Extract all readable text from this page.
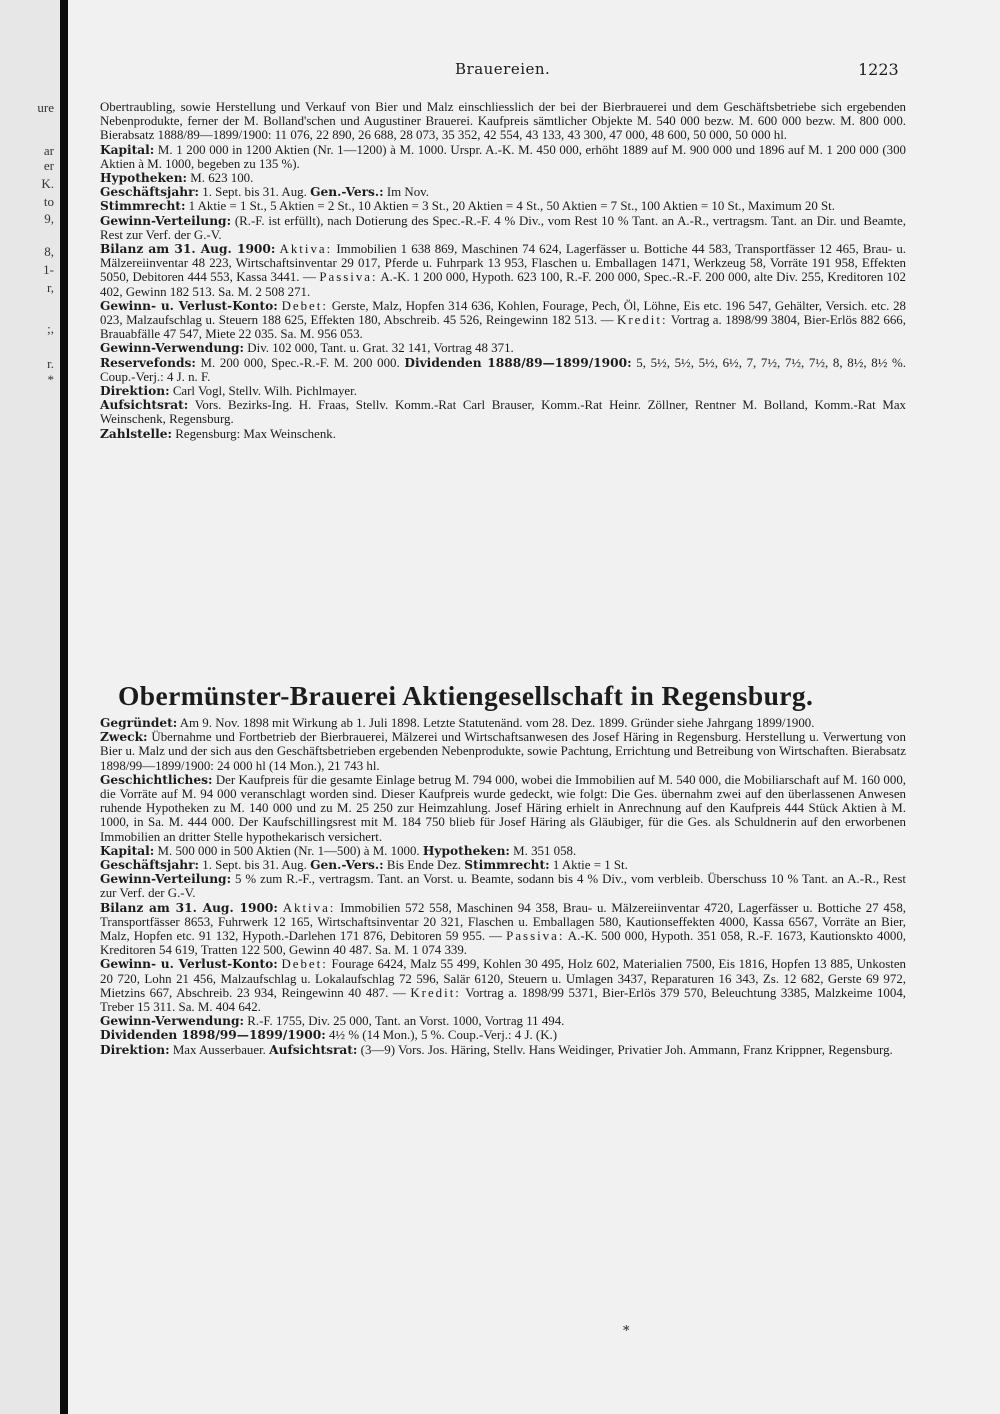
ure
ar
er
K.
to
9,
8,
1-
r,
;,
r.
*
Brauereien.	1223

Obertraubling, sowie Herstellung und Verkauf von Bier und Malz einschliesslich der bei der Bierbrauerei und dem Geschäftsbetriebe sich ergebenden Nebenprodukte, ferner der M. Bolland'schen und Augustiner Brauerei. Kaufpreis sämtlicher Objekte M. 540 000 bezw. M. 600 000 bezw. M. 800 000. Bierabsatz 1888/89—1899/1900: 11 076, 22 890, 26 688, 28 073, 35 352, 42 554, 43 133, 43 300, 47 000, 48 600, 50 000, 50 000 hl.

Kapital: M. 1 200 000 in 1200 Aktien (Nr. 1—1200) à M. 1000. Urspr. A.-K. M. 450 000, erhöht 1889 auf M. 900 000 und 1896 auf M. 1 200 000 (300 Aktien à M. 1000, begeben zu 135 %).

Hypotheken: M. 623 100.

Geschäftsjahr: 1. Sept. bis 31. Aug. Gen.-Vers.: Im Nov.

Stimmrecht: 1 Aktie = 1 St., 5 Aktien = 2 St., 10 Aktien = 3 St., 20 Aktien = 4 St., 50 Aktien = 7 St., 100 Aktien = 10 St., Maximum 20 St.

Gewinn-Verteilung: (R.-F. ist erfüllt), nach Dotierung des Spec.-R.-F. 4 % Div., vom Rest 10 % Tant. an A.-R., vertragsm. Tant. an Dir. und Beamte, Rest zur Verf. der G.-V.

Bilanz am 31. Aug. 1900: Aktiva: Immobilien 1 638 869, Maschinen 74 624, Lagerfässer u. Bottiche 44 583, Transportfässer 12 465, Brau- u. Mälzereiinventar 48 223, Wirtschaftsinventar 29 017, Pferde u. Fuhrpark 13 953, Flaschen u. Emballagen 1471, Werkzeug 58, Vorräte 191 958, Effekten 5050, Debitoren 444 553, Kassa 3441. — Passiva: A.-K. 1 200 000, Hypoth. 623 100, R.-F. 200 000, Spec.-R.-F. 200 000, alte Div. 255, Kreditoren 102 402, Gewinn 182 513. Sa. M. 2 508 271.

Gewinn- u. Verlust-Konto: Debet: Gerste, Malz, Hopfen 314 636, Kohlen, Fourage, Pech, Öl, Löhne, Eis etc. 196 547, Gehälter, Versich. etc. 28 023, Malzaufschlag u. Steuern 188 625, Effekten 180, Abschreib. 45 526, Reingewinn 182 513. — Kredit: Vortrag a. 1898/99 3804, Bier-Erlös 882 666, Brauabfälle 47 547, Miete 22 035. Sa. M. 956 053.

Gewinn-Verwendung: Div. 102 000, Tant. u. Grat. 32 141, Vortrag 48 371.

Reservefonds: M. 200 000, Spec.-R.-F. M. 200 000. Dividenden 1888/89—1899/1900: 5, 5½, 5½, 5½, 6½, 7, 7½, 7½, 7½, 8, 8½, 8½ %. Coup.-Verj.: 4 J. n. F.

Direktion: Carl Vogl, Stellv. Wilh. Pichlmayer.

Aufsichtsrat: Vors. Bezirks-Ing. H. Fraas, Stellv. Komm.-Rat Carl Brauser, Komm.-Rat Heinr. Zöllner, Rentner M. Bolland, Komm.-Rat Max Weinschenk, Regensburg.

Zahlstelle: Regensburg: Max Weinschenk.

Obermünster-Brauerei Aktiengesellschaft in Regensburg.

Gegründet: Am 9. Nov. 1898 mit Wirkung ab 1. Juli 1898. Letzte Statutenänd. vom 28. Dez. 1899. Gründer siehe Jahrgang 1899/1900.

Zweck: Übernahme und Fortbetrieb der Bierbrauerei, Mälzerei und Wirtschaftsanwesen des Josef Häring in Regensburg. Herstellung u. Verwertung von Bier u. Malz und der sich aus den Geschäftsbetrieben ergebenden Nebenprodukte, sowie Pachtung, Errichtung und Betreibung von Wirtschaften. Bierabsatz 1898/99—1899/1900: 24 000 hl (14 Mon.), 21 743 hl.

Geschichtliches: Der Kaufpreis für die gesamte Einlage betrug M. 794 000, wobei die Immobilien auf M. 540 000, die Mobiliarschaft auf M. 160 000, die Vorräte auf M. 94 000 veranschlagt worden sind. Dieser Kaufpreis wurde gedeckt, wie folgt: Die Ges. übernahm zwei auf den überlassenen Anwesen ruhende Hypotheken zu M. 140 000 und zu M. 25 250 zur Heimzahlung. Josef Häring erhielt in Anrechnung auf den Kaufpreis 444 Stück Aktien à M. 1000, in Sa. M. 444 000. Der Kaufschillingsrest mit M. 184 750 blieb für Josef Häring als Gläubiger, für die Ges. als Schuldnerin auf den erworbenen Immobilien an dritter Stelle hypothekarisch versichert.

Kapital: M. 500 000 in 500 Aktien (Nr. 1—500) à M. 1000. Hypotheken: M. 351 058.

Geschäftsjahr: 1. Sept. bis 31. Aug. Gen.-Vers.: Bis Ende Dez. Stimmrecht: 1 Aktie = 1 St.

Gewinn-Verteilung: 5 % zum R.-F., vertragsm. Tant. an Vorst. u. Beamte, sodann bis 4 % Div., vom verbleib. Überschuss 10 % Tant. an A.-R., Rest zur Verf. der G.-V.

Bilanz am 31. Aug. 1900: Aktiva: Immobilien 572 558, Maschinen 94 358, Brau- u. Mälzereiinventar 4720, Lagerfässer u. Bottiche 27 458, Transportfässer 8653, Fuhrwerk 12 165, Wirtschaftsinventar 20 321, Flaschen u. Emballagen 580, Kautionseffekten 4000, Kassa 6567, Vorräte an Bier, Malz, Hopfen etc. 91 132, Hypoth.-Darlehen 171 876, Debitoren 59 955. — Passiva: A.-K. 500 000, Hypoth. 351 058, R.-F. 1673, Kautionskto 4000, Kreditoren 54 619, Tratten 122 500, Gewinn 40 487. Sa. M. 1 074 339.

Gewinn- u. Verlust-Konto: Debet: Fourage 6424, Malz 55 499, Kohlen 30 495, Holz 602, Materialien 7500, Eis 1816, Hopfen 13 885, Unkosten 20 720, Lohn 21 456, Malzaufschlag u. Lokalaufschlag 72 596, Salär 6120, Steuern u. Umlagen 3437, Reparaturen 16 343, Zs. 12 682, Gerste 69 972, Mietzins 667, Abschreib. 23 934, Reingewinn 40 487. — Kredit: Vortrag a. 1898/99 5371, Bier-Erlös 379 570, Beleuchtung 3385, Malzkeime 1004, Treber 15 311. Sa. M. 404 642.

Gewinn-Verwendung: R.-F. 1755, Div. 25 000, Tant. an Vorst. 1000, Vortrag 11 494.

Dividenden 1898/99—1899/1900: 4½ % (14 Mon.), 5 %. Coup.-Verj.: 4 J. (K.)

Direktion: Max Ausserbauer. Aufsichtsrat: (3—9) Vors. Jos. Häring, Stellv. Hans Weidinger, Privatier Joh. Ammann, Franz Krippner, Regensburg.

*
